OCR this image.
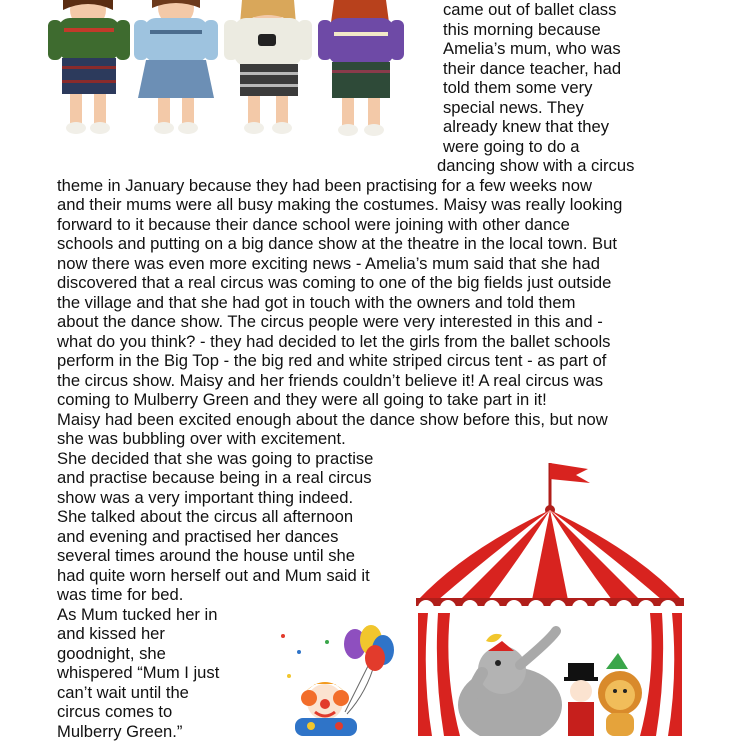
came out of ballet class
this morning because
Amelia’s mum, who was
their dance teacher, had
told them some very
special news. They
already knew that they
were going to do a
dancing show with a circus
theme in January because they had been practising for a few weeks now
and their mums were all busy making the costumes. Maisy was really looking
forward to it because their dance school were joining with other dance
schools and putting on a big dance show at the theatre in the local town. But
now there was even more exciting news - Amelia’s mum said that she had
discovered that a real circus was coming to one of the big fields just outside
the village and that she had got in touch with the owners and told them
about the dance show. The circus people were very interested in this and -
what do you think? - they had decided to let the girls from the ballet schools
perform in the Big Top - the big red and white striped circus tent - as part of
the circus show. Maisy and her friends couldn’t believe it! A real circus was
coming to Mulberry Green and they were all going to take part in it!
Maisy had been excited enough about the dance show before this, but now
she was bubbling over with excitement.
She decided that she was going to practise
and practise because being in a real circus
show was a very important thing indeed.
She talked about the circus all afternoon
and evening and practised her dances
several times around the house until she
had quite worn herself out and Mum said it
was time for bed.
As Mum tucked her in
and kissed her
goodnight, she
whispered “Mum I just
can’t wait until the
circus comes to
Mulberry Green.”
